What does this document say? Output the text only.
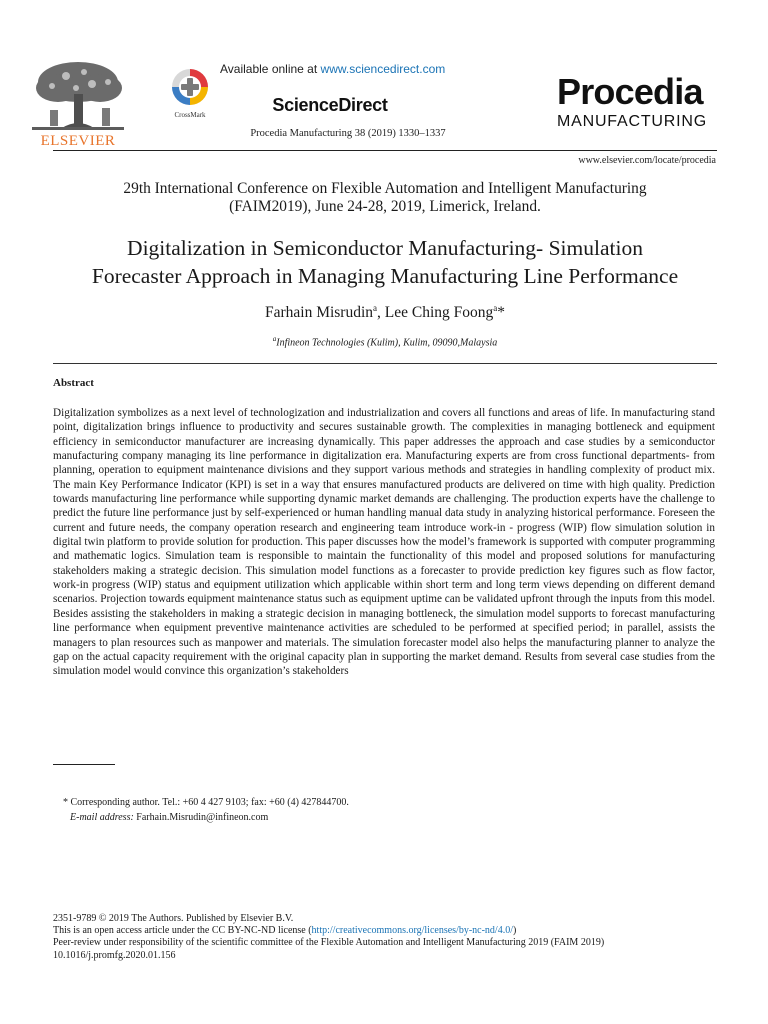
ELSEVIER
CrossMark
Available online at www.sciencedirect.com
ScienceDirect
Procedia Manufacturing 38 (2019) 1330–1337
Procedia
MANUFACTURING
www.elsevier.com/locate/procedia
29th International Conference on Flexible Automation and Intelligent Manufacturing
(FAIM2019), June 24-28, 2019, Limerick, Ireland.
Digitalization in Semiconductor Manufacturing- Simulation
Forecaster Approach in Managing Manufacturing Line Performance
Farhain Misrudin$^a$, Lee Ching Foong$^a$*
$^a$Infineon Technologies (Kulim), Kulim, 09090,Malaysia
Abstract
Digitalization symbolizes as a next level of technologization and industrialization and covers all functions and areas of life. In manufacturing stand point, digitalization brings influence to productivity and secures sustainable growth. The complexities in managing bottleneck and equipment efficiency in semiconductor manufacturer are increasing dynamically. This paper addresses the approach and case studies by a semiconductor manufacturing company managing its line performance in digitalization era. Manufacturing experts are from cross functional departments- from planning, operation to equipment maintenance divisions and they support various methods and strategies in handling complexity of product mix. The main Key Performance Indicator (KPI) is set in a way that ensures manufactured products are delivered on time with high quality. Prediction towards manufacturing line performance while supporting dynamic market demands are challenging. The production experts have the challenge to predict the future line performance just by self-experienced or human handling manual data study in analyzing historical performance. Foreseen the current and future needs, the company operation research and engineering team introduce work-in - progress (WIP) flow simulation solution in digital twin platform to provide solution for production. This paper discusses how the model’s framework is supported with computer programming and mathematic logics. Simulation team is responsible to maintain the functionality of this model and proposed solutions for manufacturing stakeholders making a strategic decision. This simulation model functions as a forecaster to provide prediction key figures such as flow factor, work-in progress (WIP) status and equipment utilization which applicable within short term and long term views depending on different demand scenarios. Projection towards equipment maintenance status such as equipment uptime can be validated upfront through the inputs from this model. Besides assisting the stakeholders in making a strategic decision in managing bottleneck, the simulation model supports to forecast manufacturing line performance when equipment preventive maintenance activities are scheduled to be performed at specified period; in parallel, assists the managers to plan resources such as manpower and materials. The simulation forecaster model also helps the manufacturing planner to analyze the gap on the actual capacity requirement with the original capacity plan in supporting the market demand. Results from several case studies from the simulation model would convince this organization’s stakeholders
* Corresponding author. Tel.: +60 4 427 9103; fax: +60 (4) 427844700.
E-mail address: Farhain.Misrudin@infineon.com
2351-9789 © 2019 The Authors. Published by Elsevier B.V.
This is an open access article under the CC BY-NC-ND license (http://creativecommons.org/licenses/by-nc-nd/4.0/)
Peer-review under responsibility of the scientific committee of the Flexible Automation and Intelligent Manufacturing 2019 (FAIM 2019)
10.1016/j.promfg.2020.01.156
